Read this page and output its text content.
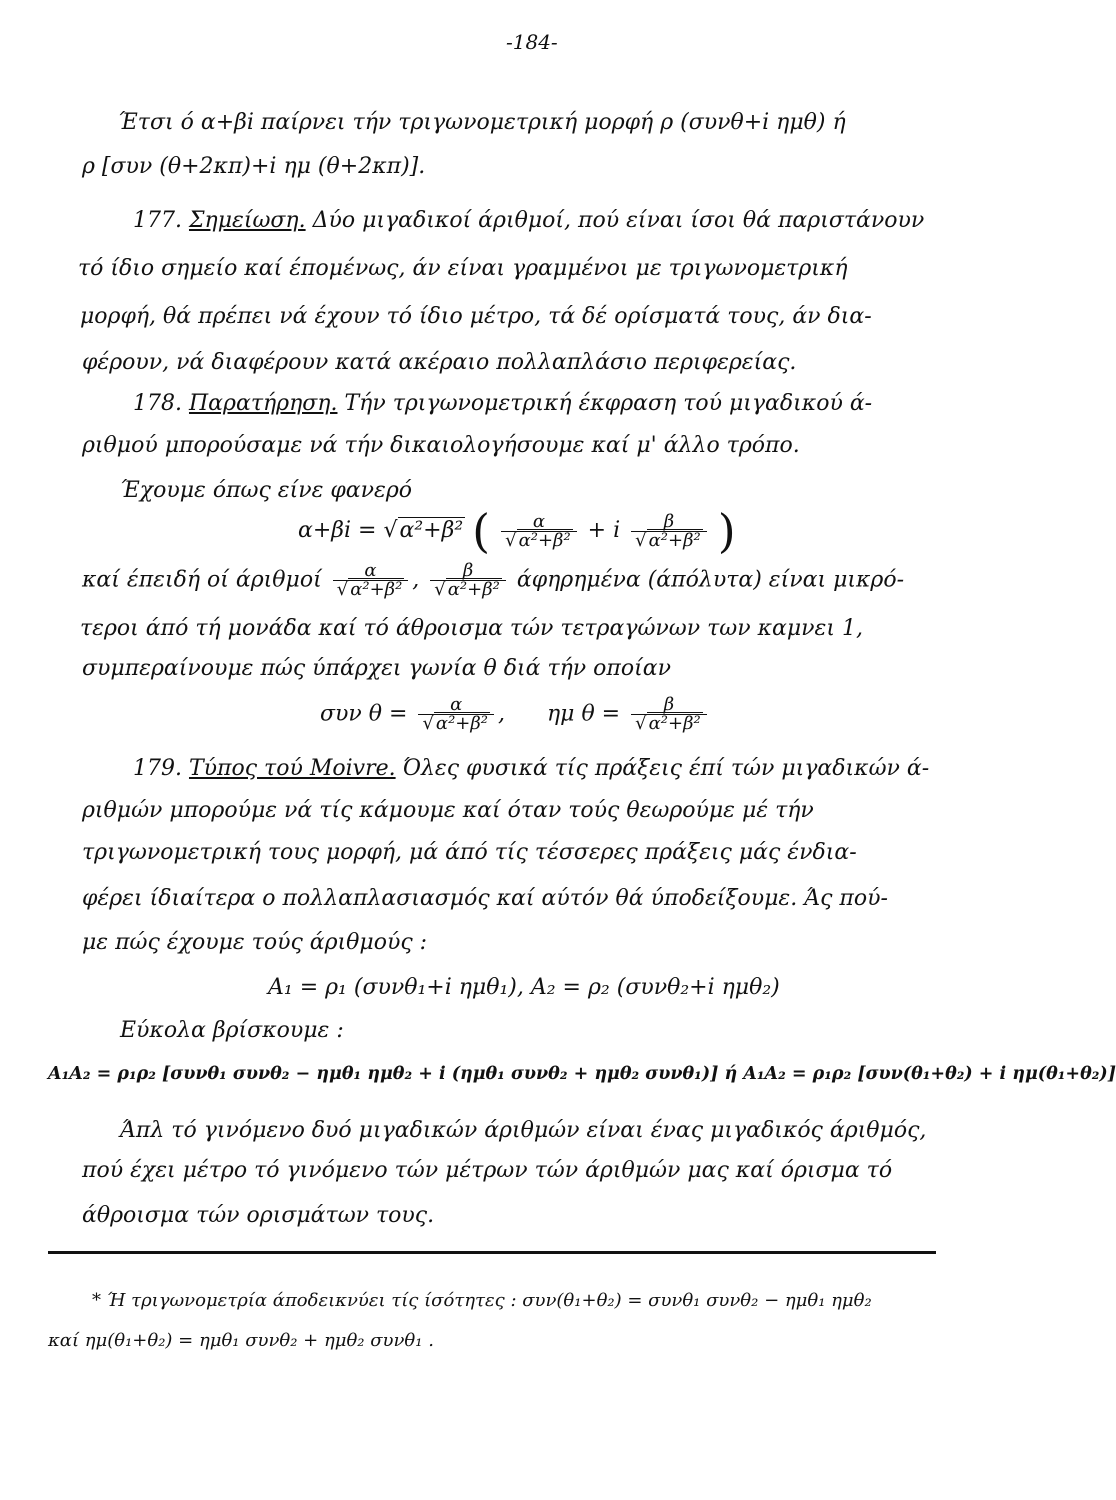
-184-
Έτσι ό α+βi παίρνει τήν τριγωνομετρική μορφή ρ (συνθ+i ημθ) ή
ρ [συν (θ+2κπ)+i ημ (θ+2κπ)].
177. Σημείωση. Δύο μιγαδικοί άριθμοί, πού είναι ίσοι θά παριστάνουν
τό ίδιο σημείο καί έπομένως, άν είναι γραμμένοι με τριγωνομετρική
μορφή, θά πρέπει νά έχουν τό ίδιο μέτρο, τά δέ ορίσματά τους, άν δια-
φέρουν, νά διαφέρουν κατά ακέραιο πολλαπλάσιο περιφερείας.
178. Παρατήρηση. Τήν τριγωνομετρική έκφραση τού μιγαδικού ά-
ριθμού μπορούσαμε νά τήν δικαιολογήσουμε καί μ' άλλο τρόπο.
Έχουμε όπως είνε φανερό
α+βi = √α²+β² ( $\frac{\alpha}{\text{√ α²+β²}} + i \frac{\beta}{\text{√ α²+β²}}$ )
καί έπειδή οί άριθμοί $\frac{\alpha}{\text{√ α²+β²}}$ , $\frac{\beta}{\text{√ α²+β²}}$ άφηρημένα (άπόλυτα) είναι μικρό-
τεροι άπό τή μονάδα καί τό άθροισμα τών τετραγώνων των καμνει 1,
συμπεραίνουμε πώς ύπάρχει γωνία θ διά τήν οποίαν
συν $\theta = \frac{\alpha}{\text{√ α²+β²}}$ , ημ $\theta = \frac{\beta}{\text{√ α²+β²}}$
179. Τύπος τού Moivre. Όλες φυσικά τίς πράξεις έπί τών μιγαδικών ά-
ριθμών μπορούμε νά τίς κάμουμε καί όταν τούς θεωρούμε μέ τήν
τριγωνομετρική τους μορφή, μά άπό τίς τέσσερες πράξεις μάς ένδια-
φέρει ίδιαίτερα ο πολλαπλασιασμός καί αύτόν θά ύποδείξουμε. Άς πού-
με πώς έχουμε τούς άριθμούς :
A₁ = ρ₁ (συνθ₁+i ημθ₁), A₂ = ρ₂ (συνθ₂+i ημθ₂)
Εύκολα βρίσκουμε :
A₁A₂ = ρ₁ρ₂ [συνθ₁ συνθ₂ − ημθ₁ ημθ₂ + i (ημθ₁ συνθ₂ + ημθ₂ συνθ₁)] ή A₁A₂ = ρ₁ρ₂ [συν(θ₁+θ₂) + i ημ(θ₁+θ₂)]
Άπλ τό γινόμενο δυό μιγαδικών άριθμών είναι ένας μιγαδικός άριθμός,
πού έχει μέτρο τό γινόμενο τών μέτρων τών άριθμών μας καί όρισμα τό
άθροισμα τών ορισμάτων τους.
* Ή τριγωνομετρία άποδεικνύει τίς ίσότητες : συν(θ₁+θ₂) = συνθ₁ συνθ₂ − ημθ₁ ημθ₂
καί ημ(θ₁+θ₂) = ημθ₁ συνθ₂ + ημθ₂ συνθ₁ .
